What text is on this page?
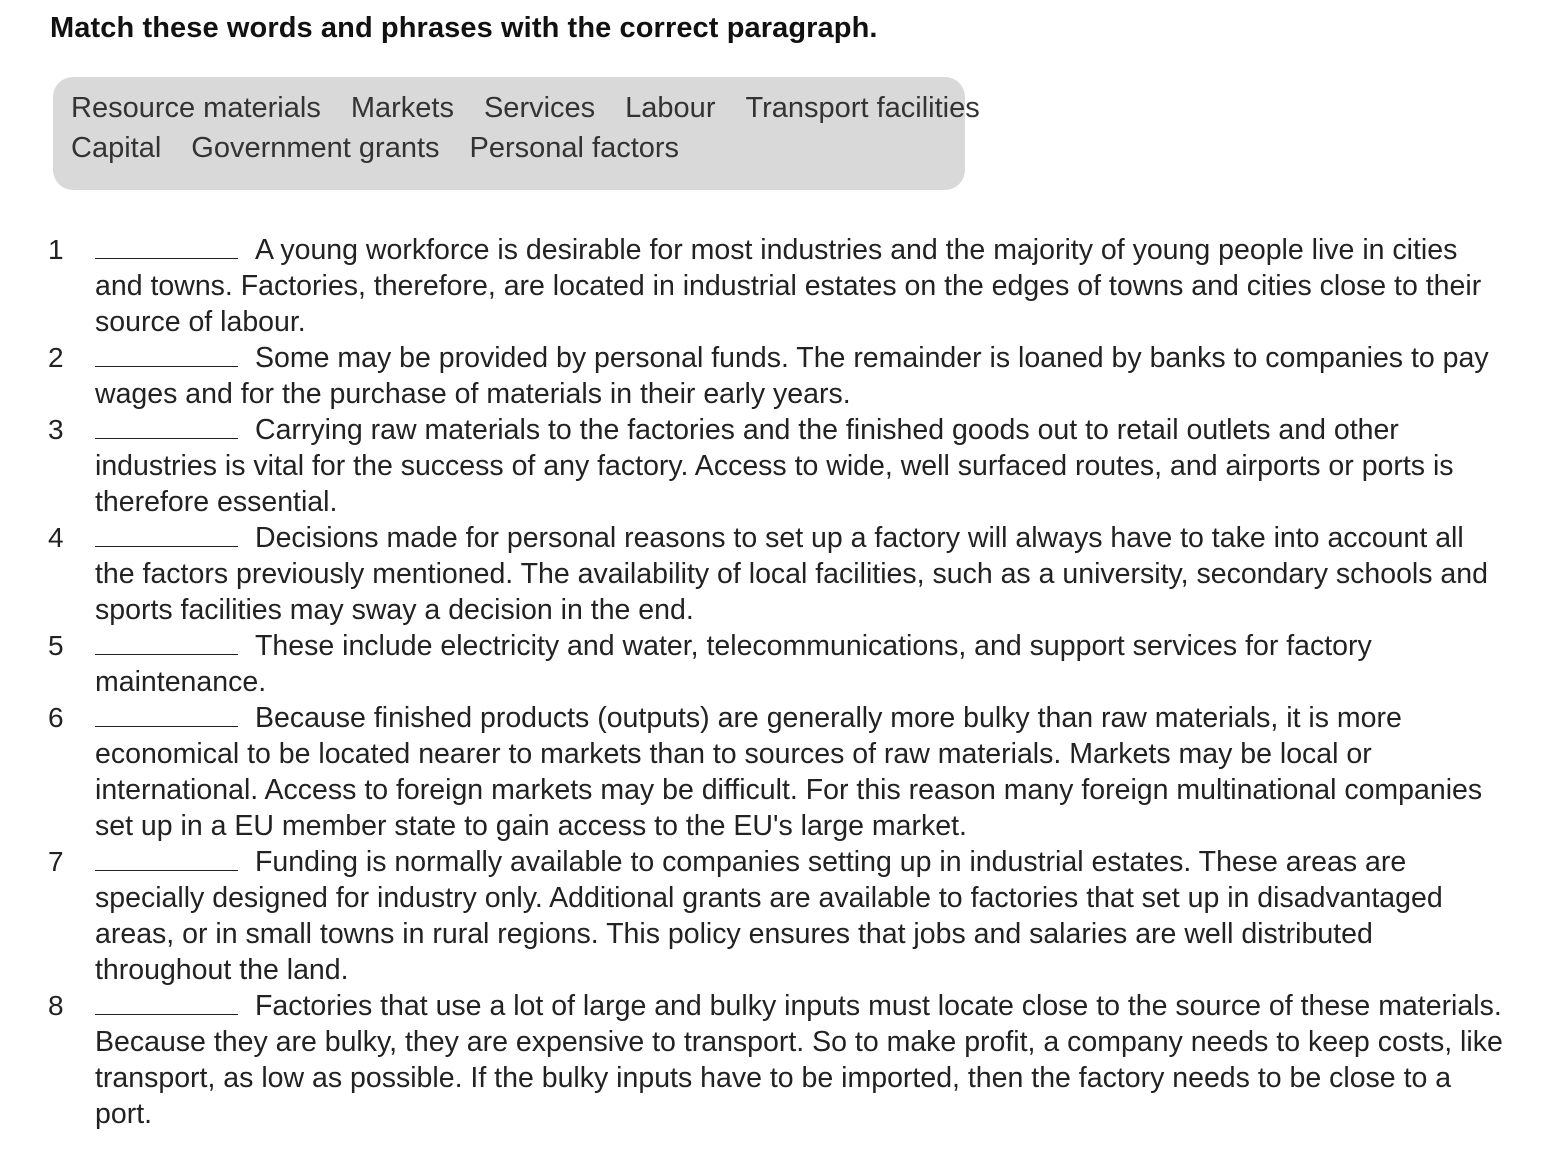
Match these words and phrases with the correct paragraph.
Resource materials Markets Services Labour Transport facilities
Capital Government grants Personal factors
1	A young workforce is desirable for most industries and the majority of young people live in cities and towns. Factories, therefore, are located in industrial estates on the edges of towns and cities close to their source of labour.
2	Some may be provided by personal funds. The remainder is loaned by banks to companies to pay wages and for the purchase of materials in their early years.
3	Carrying raw materials to the factories and the finished goods out to retail outlets and other industries is vital for the success of any factory. Access to wide, well surfaced routes, and airports or ports is therefore essential.
4	Decisions made for personal reasons to set up a factory will always have to take into account all the factors previously mentioned. The availability of local facilities, such as a university, secondary schools and sports facilities may sway a decision in the end.
5	These include electricity and water, telecommunications, and support services for factory maintenance.
6	Because finished products (outputs) are generally more bulky than raw materials, it is more economical to be located nearer to markets than to sources of raw materials. Markets may be local or international. Access to foreign markets may be difficult. For this reason many foreign multinational companies set up in a EU member state to gain access to the EU's large market.
7	Funding is normally available to companies setting up in industrial estates. These areas are specially designed for industry only. Additional grants are available to factories that set up in disadvantaged areas, or in small towns in rural regions. This policy ensures that jobs and salaries are well distributed throughout the land.
8	Factories that use a lot of large and bulky inputs must locate close to the source of these materials. Because they are bulky, they are expensive to transport. So to make profit, a company needs to keep costs, like transport, as low as possible. If the bulky inputs have to be imported, then the factory needs to be close to a port.
